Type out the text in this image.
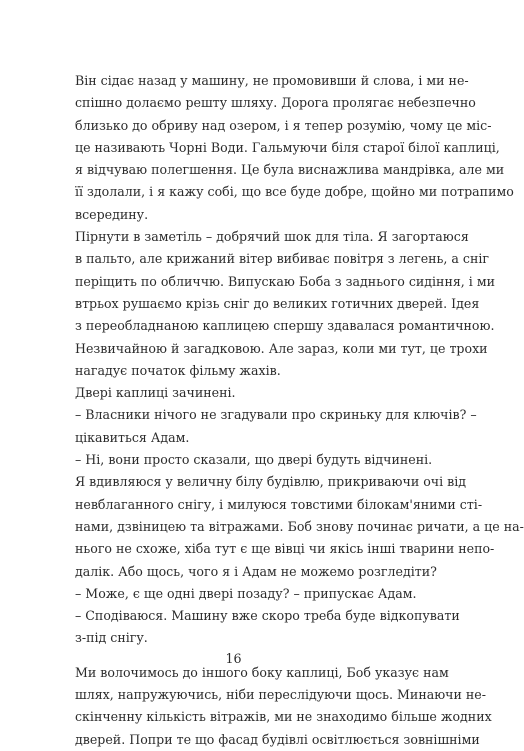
Він сідає назад у машину, не промовивши й слова, і ми не-
спішно долаємо решту шляху. Дорога пролягає небезпечно
близько до обриву над озером, і я тепер розумію, чому це міс-
це називають Чорні Води. Гальмуючи біля старої білої каплиці,
я відчуваю полегшення. Це була виснажлива мандрівка, але ми
її здолали, і я кажу собі, що все буде добре, щойно ми потрапимо
всередину.

Пірнути в заметіль – добрячий шок для тіла. Я загортаюся
в пальто, але крижаний вітер вибиває повітря з легень, а сніг
періщить по обличчю. Випускаю Боба з заднього сидіння, і ми
втрьох рушаємо крізь сніг до великих готичних дверей. Ідея
з переобладнаною каплицею спершу здавалася романтичною.
Незвичайною й загадковою. Але зараз, коли ми тут, це трохи
нагадує початок фільму жахів.

Двері каплиці зачинені.

– Власники нічого не згадували про скриньку для ключів? –
цікавиться Адам.

– Ні, вони просто сказали, що двері будуть відчинені.

Я вдивляюся у величну білу будівлю, прикриваючи очі від
невблаганного снігу, і милуюся товстими білокам'яними сті-
нами, дзвіницею та вітражами. Боб знову починає ричати, а це на-
нього не схоже, хіба тут є ще вівці чи якісь інші тварини непо-
далік. Або щось, чого я і Адам не можемо розгледіти?

– Може, є ще одні двері позаду? – припускає Адам.

– Сподіваюся. Машину вже скоро треба буде відкопувати
з-під снігу.

Ми волочимось до іншого боку каплиці, Боб указує нам
шлях, напружуючись, ніби переслідуючи щось. Минаючи не-
скінченну кількість вітражів, ми не знаходимо більше жодних
дверей. Попри те що фасад будівлі освітлюється зовнішніми

16
